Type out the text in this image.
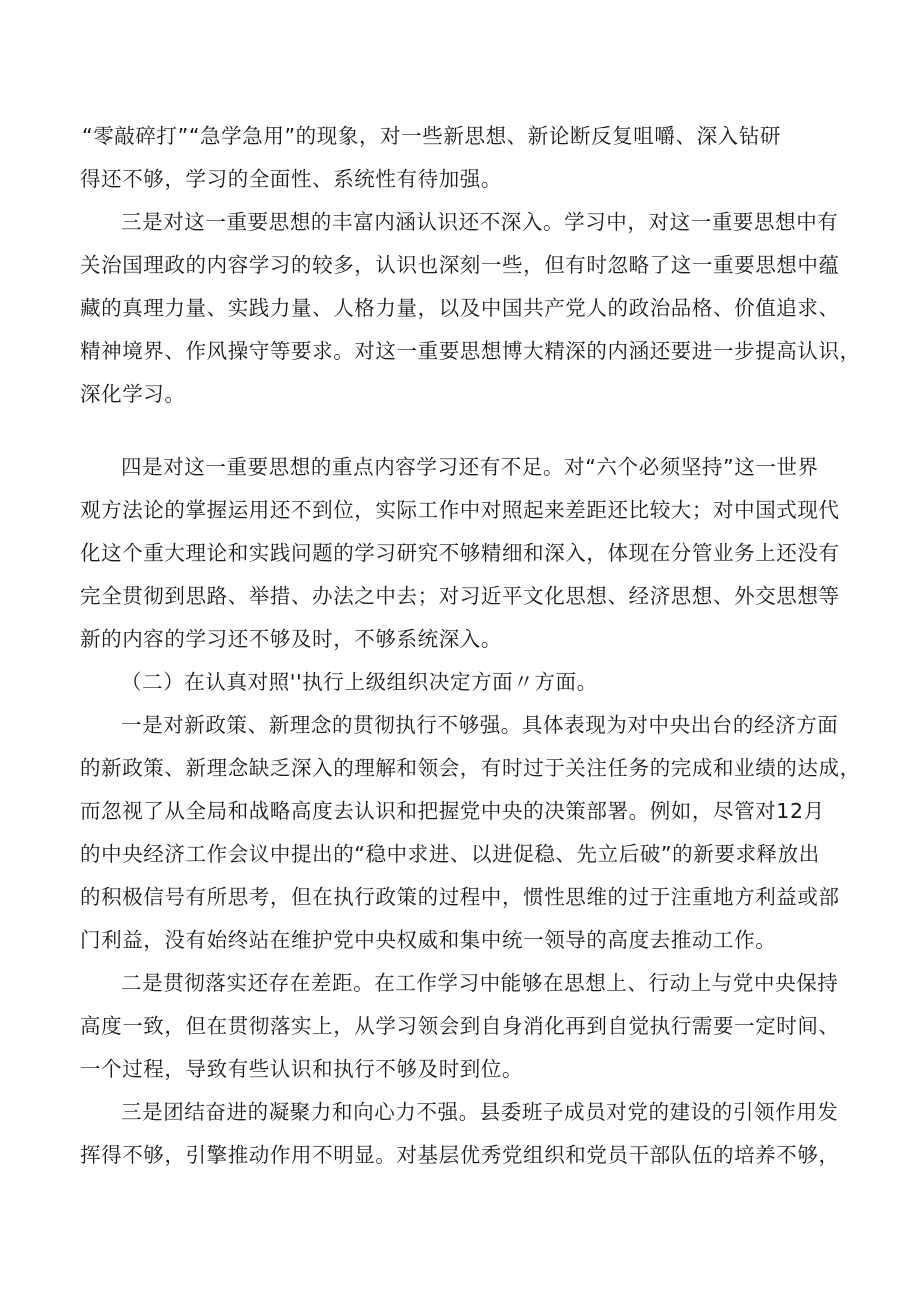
“零敲碎打”“急学急用”的现象，对一些新思想、新论断反复咀嚼、深入钻研
得还不够，学习的全面性、系统性有待加强。
三是对这一重要思想的丰富内涵认识还不深入。学习中，对这一重要思想中有
关治国理政的内容学习的较多，认识也深刻一些，但有时忽略了这一重要思想中蕴
藏的真理力量、实践力量、人格力量，以及中国共产党人的政治品格、价值追求、
精神境界、作风操守等要求。对这一重要思想博大精深的内涵还要进一步提高认识，
深化学习。
四是对这一重要思想的重点内容学习还有不足。对“六个必须坚持”这一世界
观方法论的掌握运用还不到位，实际工作中对照起来差距还比较大；对中国式现代
化这个重大理论和实践问题的学习研究不够精细和深入，体现在分管业务上还没有
完全贯彻到思路、举措、办法之中去；对习近平文化思想、经济思想、外交思想等
新的内容的学习还不够及时，不够系统深入。
（二）在认真对照''执行上级组织决定方面〃方面。
一是对新政策、新理念的贯彻执行不够强。具体表现为对中央出台的经济方面
的新政策、新理念缺乏深入的理解和领会，有时过于关注任务的完成和业绩的达成，
而忽视了从全局和战略高度去认识和把握党中央的决策部署。例如，尽管对12月
的中央经济工作会议中提出的“稳中求进、以进促稳、先立后破”的新要求释放出
的积极信号有所思考，但在执行政策的过程中，惯性思维的过于注重地方利益或部
门利益，没有始终站在维护党中央权威和集中统一领导的高度去推动工作。
二是贯彻落实还存在差距。在工作学习中能够在思想上、行动上与党中央保持
高度一致，但在贯彻落实上，从学习领会到自身消化再到自觉执行需要一定时间、
一个过程，导致有些认识和执行不够及时到位。
三是团结奋进的凝聚力和向心力不强。县委班子成员对党的建设的引领作用发
挥得不够，引擎推动作用不明显。对基层优秀党组织和党员干部队伍的培养不够，
